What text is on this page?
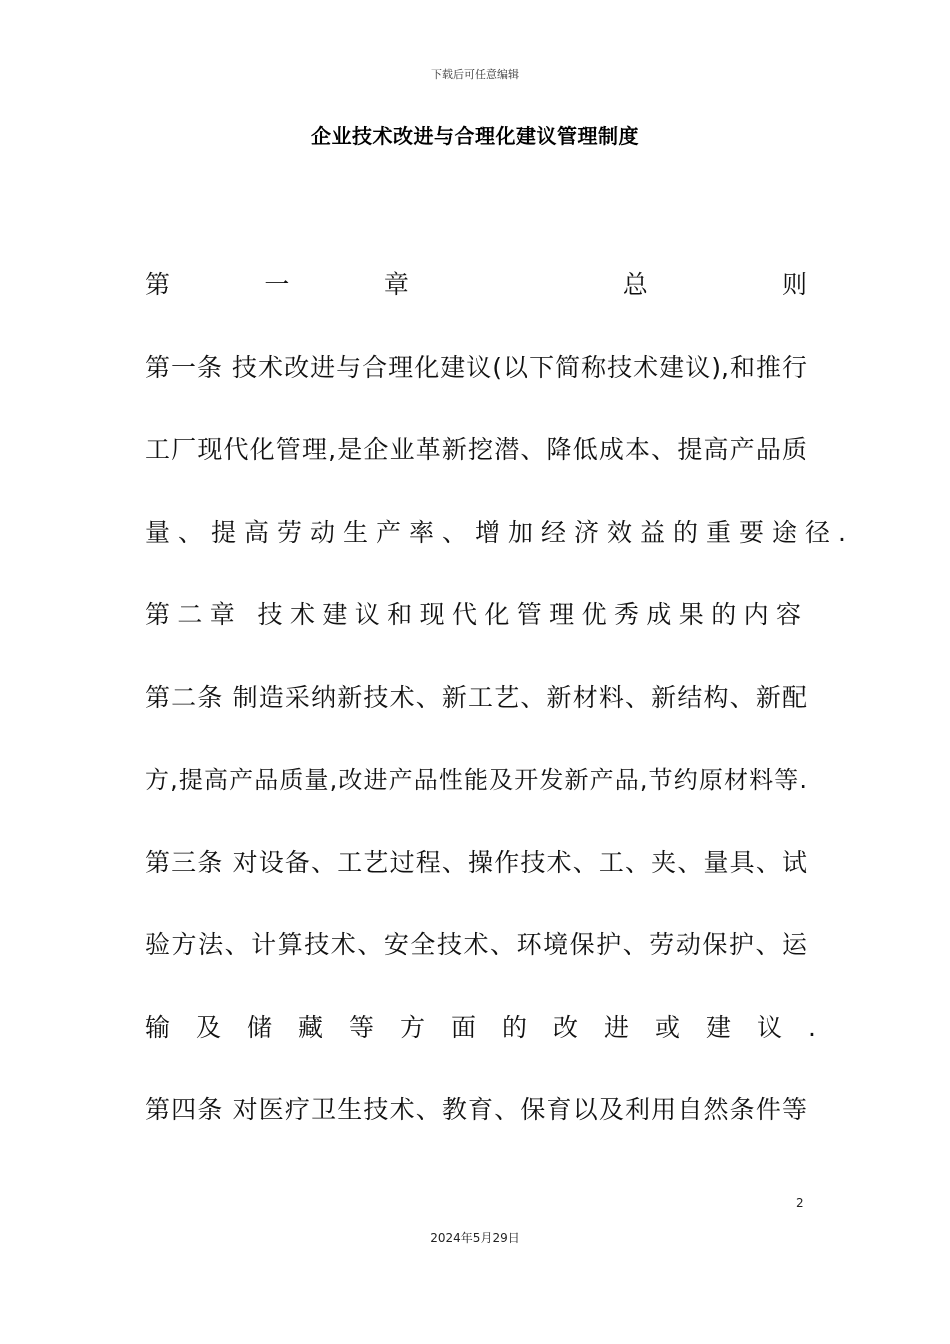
下载后可任意编辑
企业技术改进与合理化建议管理制度
第　　一　　章　　　　　总　　　则
第一条 技术改进与合理化建议(以下简称技术建议),和推行
工厂现代化管理,是企业革新挖潜、降低成本、提高产品质
量、提高劳动生产率、增加经济效益的重要途径.
第二章 技术建议和现代化管理优秀成果的内容
第二条 制造采纳新技术、新工艺、新材料、新结构、新配
方,提高产品质量,改进产品性能及开发新产品,节约原材料等.
第三条 对设备、工艺过程、操作技术、工、夹、量具、试
验方法、计算技术、安全技术、环境保护、劳动保护、运
输及储藏等方面的改进或建议.
第四条 对医疗卫生技术、教育、保育以及利用自然条件等
2
2024年5月29日
